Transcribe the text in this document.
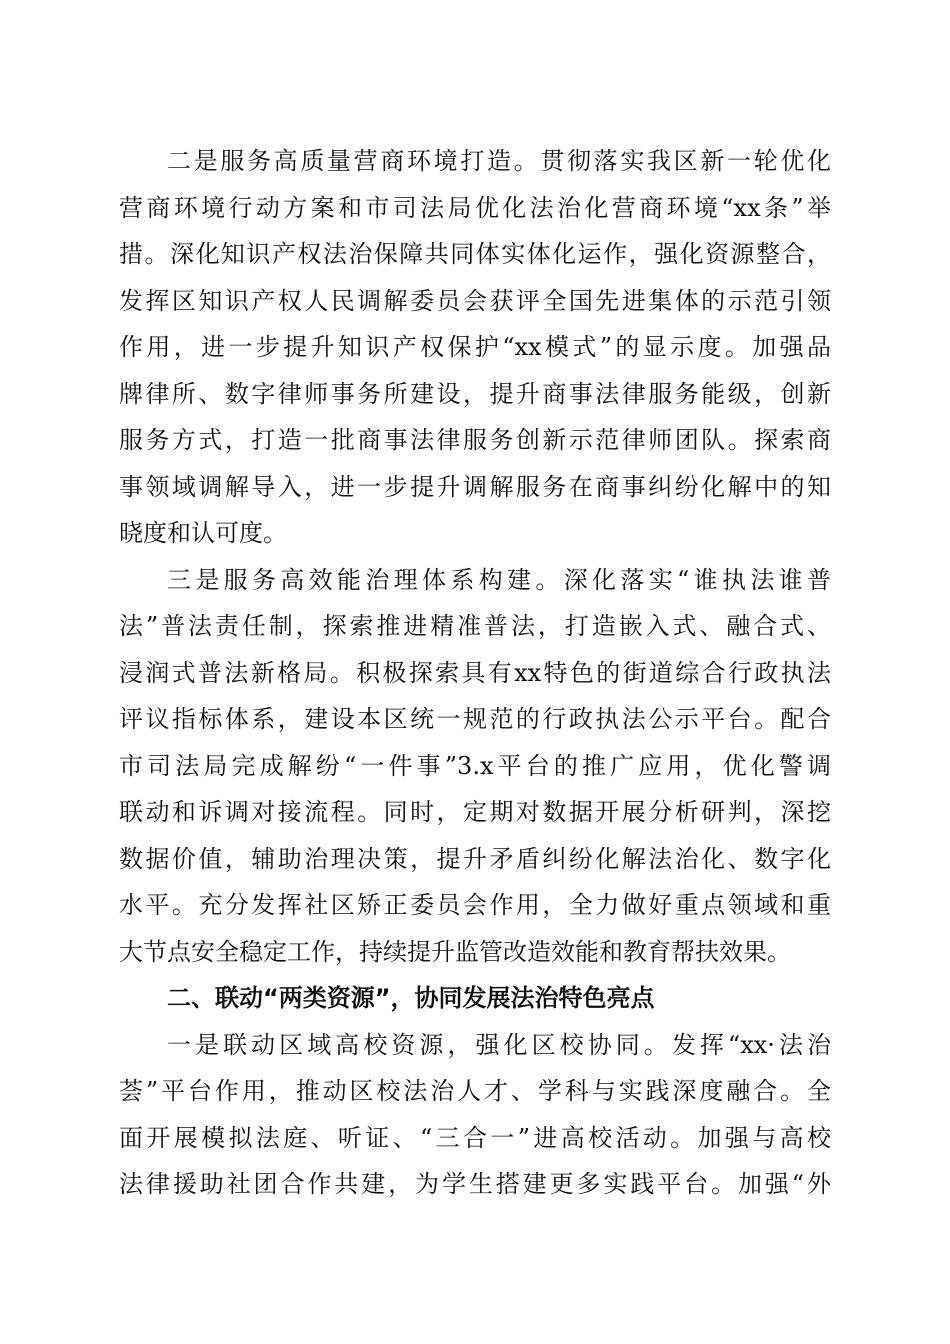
二是服务高质量营商环境打造。贯彻落实我区新一轮优化
营商环境行动方案和市司法局优化法治化营商环境“xx条”举
措。深化知识产权法治保障共同体实体化运作，强化资源整合，
发挥区知识产权人民调解委员会获评全国先进集体的示范引领
作用，进一步提升知识产权保护“xx模式”的显示度。加强品
牌律所、数字律师事务所建设，提升商事法律服务能级，创新
服务方式，打造一批商事法律服务创新示范律师团队。探索商
事领域调解导入，进一步提升调解服务在商事纠纷化解中的知
晓度和认可度。
三是服务高效能治理体系构建。深化落实“谁执法谁普
法”普法责任制，探索推进精准普法，打造嵌入式、融合式、
浸润式普法新格局。积极探索具有xx特色的街道综合行政执法
评议指标体系，建设本区统一规范的行政执法公示平台。配合
市司法局完成解纷“一件事”3.x平台的推广应用，优化警调
联动和诉调对接流程。同时，定期对数据开展分析研判，深挖
数据价值，辅助治理决策，提升矛盾纠纷化解法治化、数字化
水平。充分发挥社区矫正委员会作用，全力做好重点领域和重
大节点安全稳定工作，持续提升监管改造效能和教育帮扶效果。
二、联动“两类资源”，协同发展法治特色亮点
一是联动区域高校资源，强化区校协同。发挥“xx·法治
荟”平台作用，推动区校法治人才、学科与实践深度融合。全
面开展模拟法庭、听证、“三合一”进高校活动。加强与高校
法律援助社团合作共建，为学生搭建更多实践平台。加强“外
